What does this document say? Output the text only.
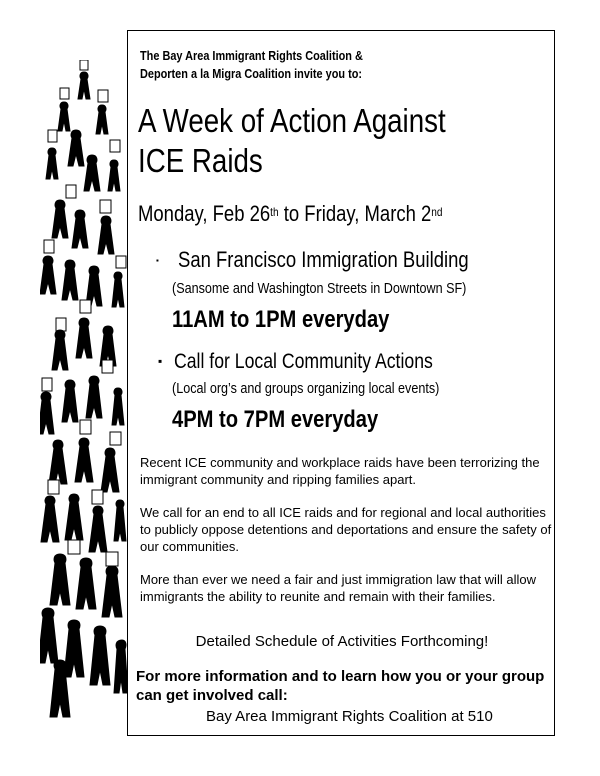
The Bay Area Immigrant Rights Coalition &
Deporten a la Migra Coalition invite you to:
A Week of Action Against
ICE Raids
Monday, Feb 26th to Friday, March 2nd
▪ San Francisco Immigration Building
(Sansome and Washington Streets in Downtown SF)
11AM to 1PM everyday
▪ Call for Local Community Actions
(Local org’s and groups organizing local events)
4PM to 7PM everyday
Recent ICE community and workplace raids have been terrorizing the immigrant community and ripping families apart.
We call for an end to all ICE raids and for regional and local authorities to publicly oppose detentions and deportations and ensure the safety of our communities.
More than ever we need a fair and just immigration law that will allow immigrants the ability to reunite and remain with their families.
Detailed Schedule of Activities Forthcoming!
For more information and to learn how you or your group can get involved call:
Bay Area Immigrant Rights Coalition at 510
